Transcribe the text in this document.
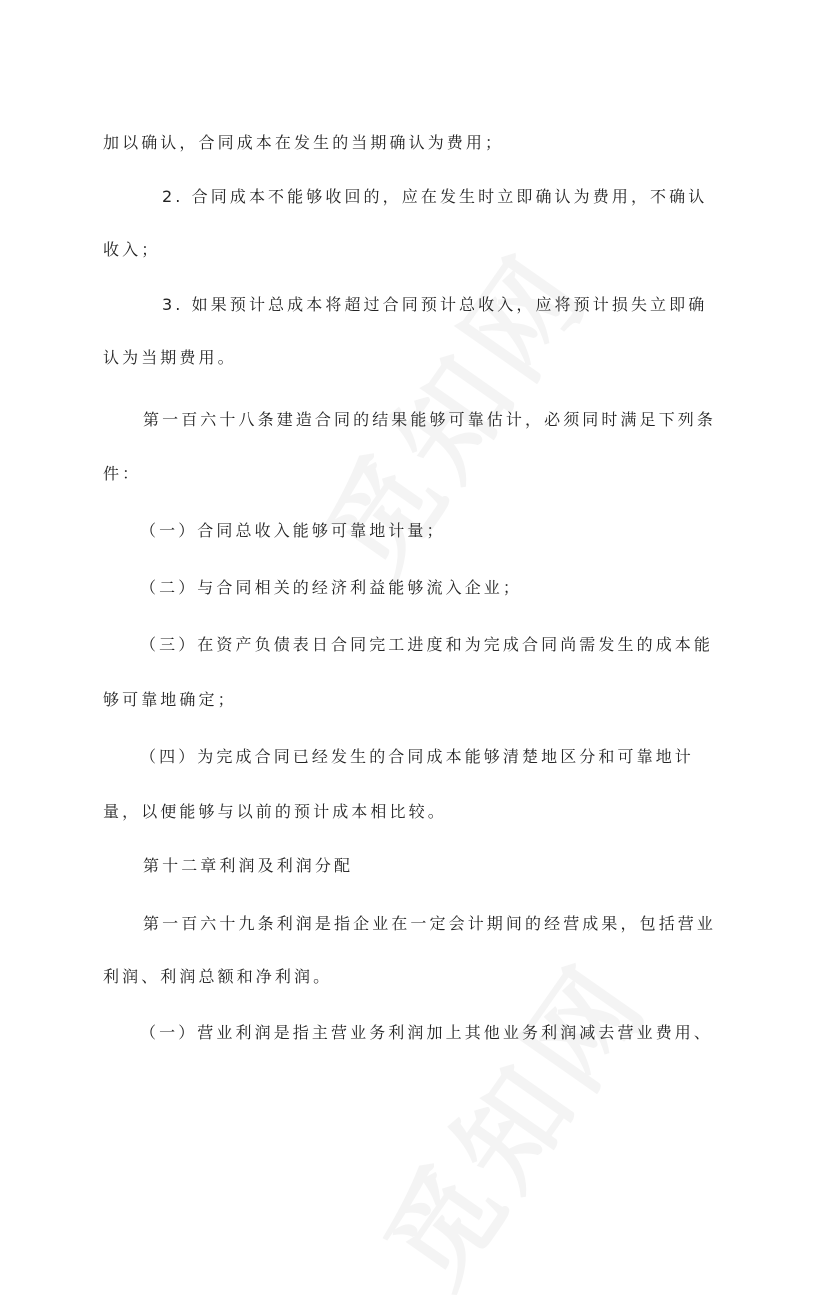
加以确认，合同成本在发生的当期确认为费用；
2. 合同成本不能够收回的，应在发生时立即确认为费用，不确认
收入；
3. 如果预计总成本将超过合同预计总收入，应将预计损失立即确
认为当期费用。
第一百六十八条建造合同的结果能够可靠估计，必须同时满足下列条
件：
（一）合同总收入能够可靠地计量；
（二）与合同相关的经济利益能够流入企业；
（三）在资产负债表日合同完工进度和为完成合同尚需发生的成本能
够可靠地确定；
（四）为完成合同已经发生的合同成本能够清楚地区分和可靠地计
量，以便能够与以前的预计成本相比较。
第十二章利润及利润分配
第一百六十九条利润是指企业在一定会计期间的经营成果，包括营业
利润、利润总额和净利润。
（一）营业利润是指主营业务利润加上其他业务利润减去营业费用、
